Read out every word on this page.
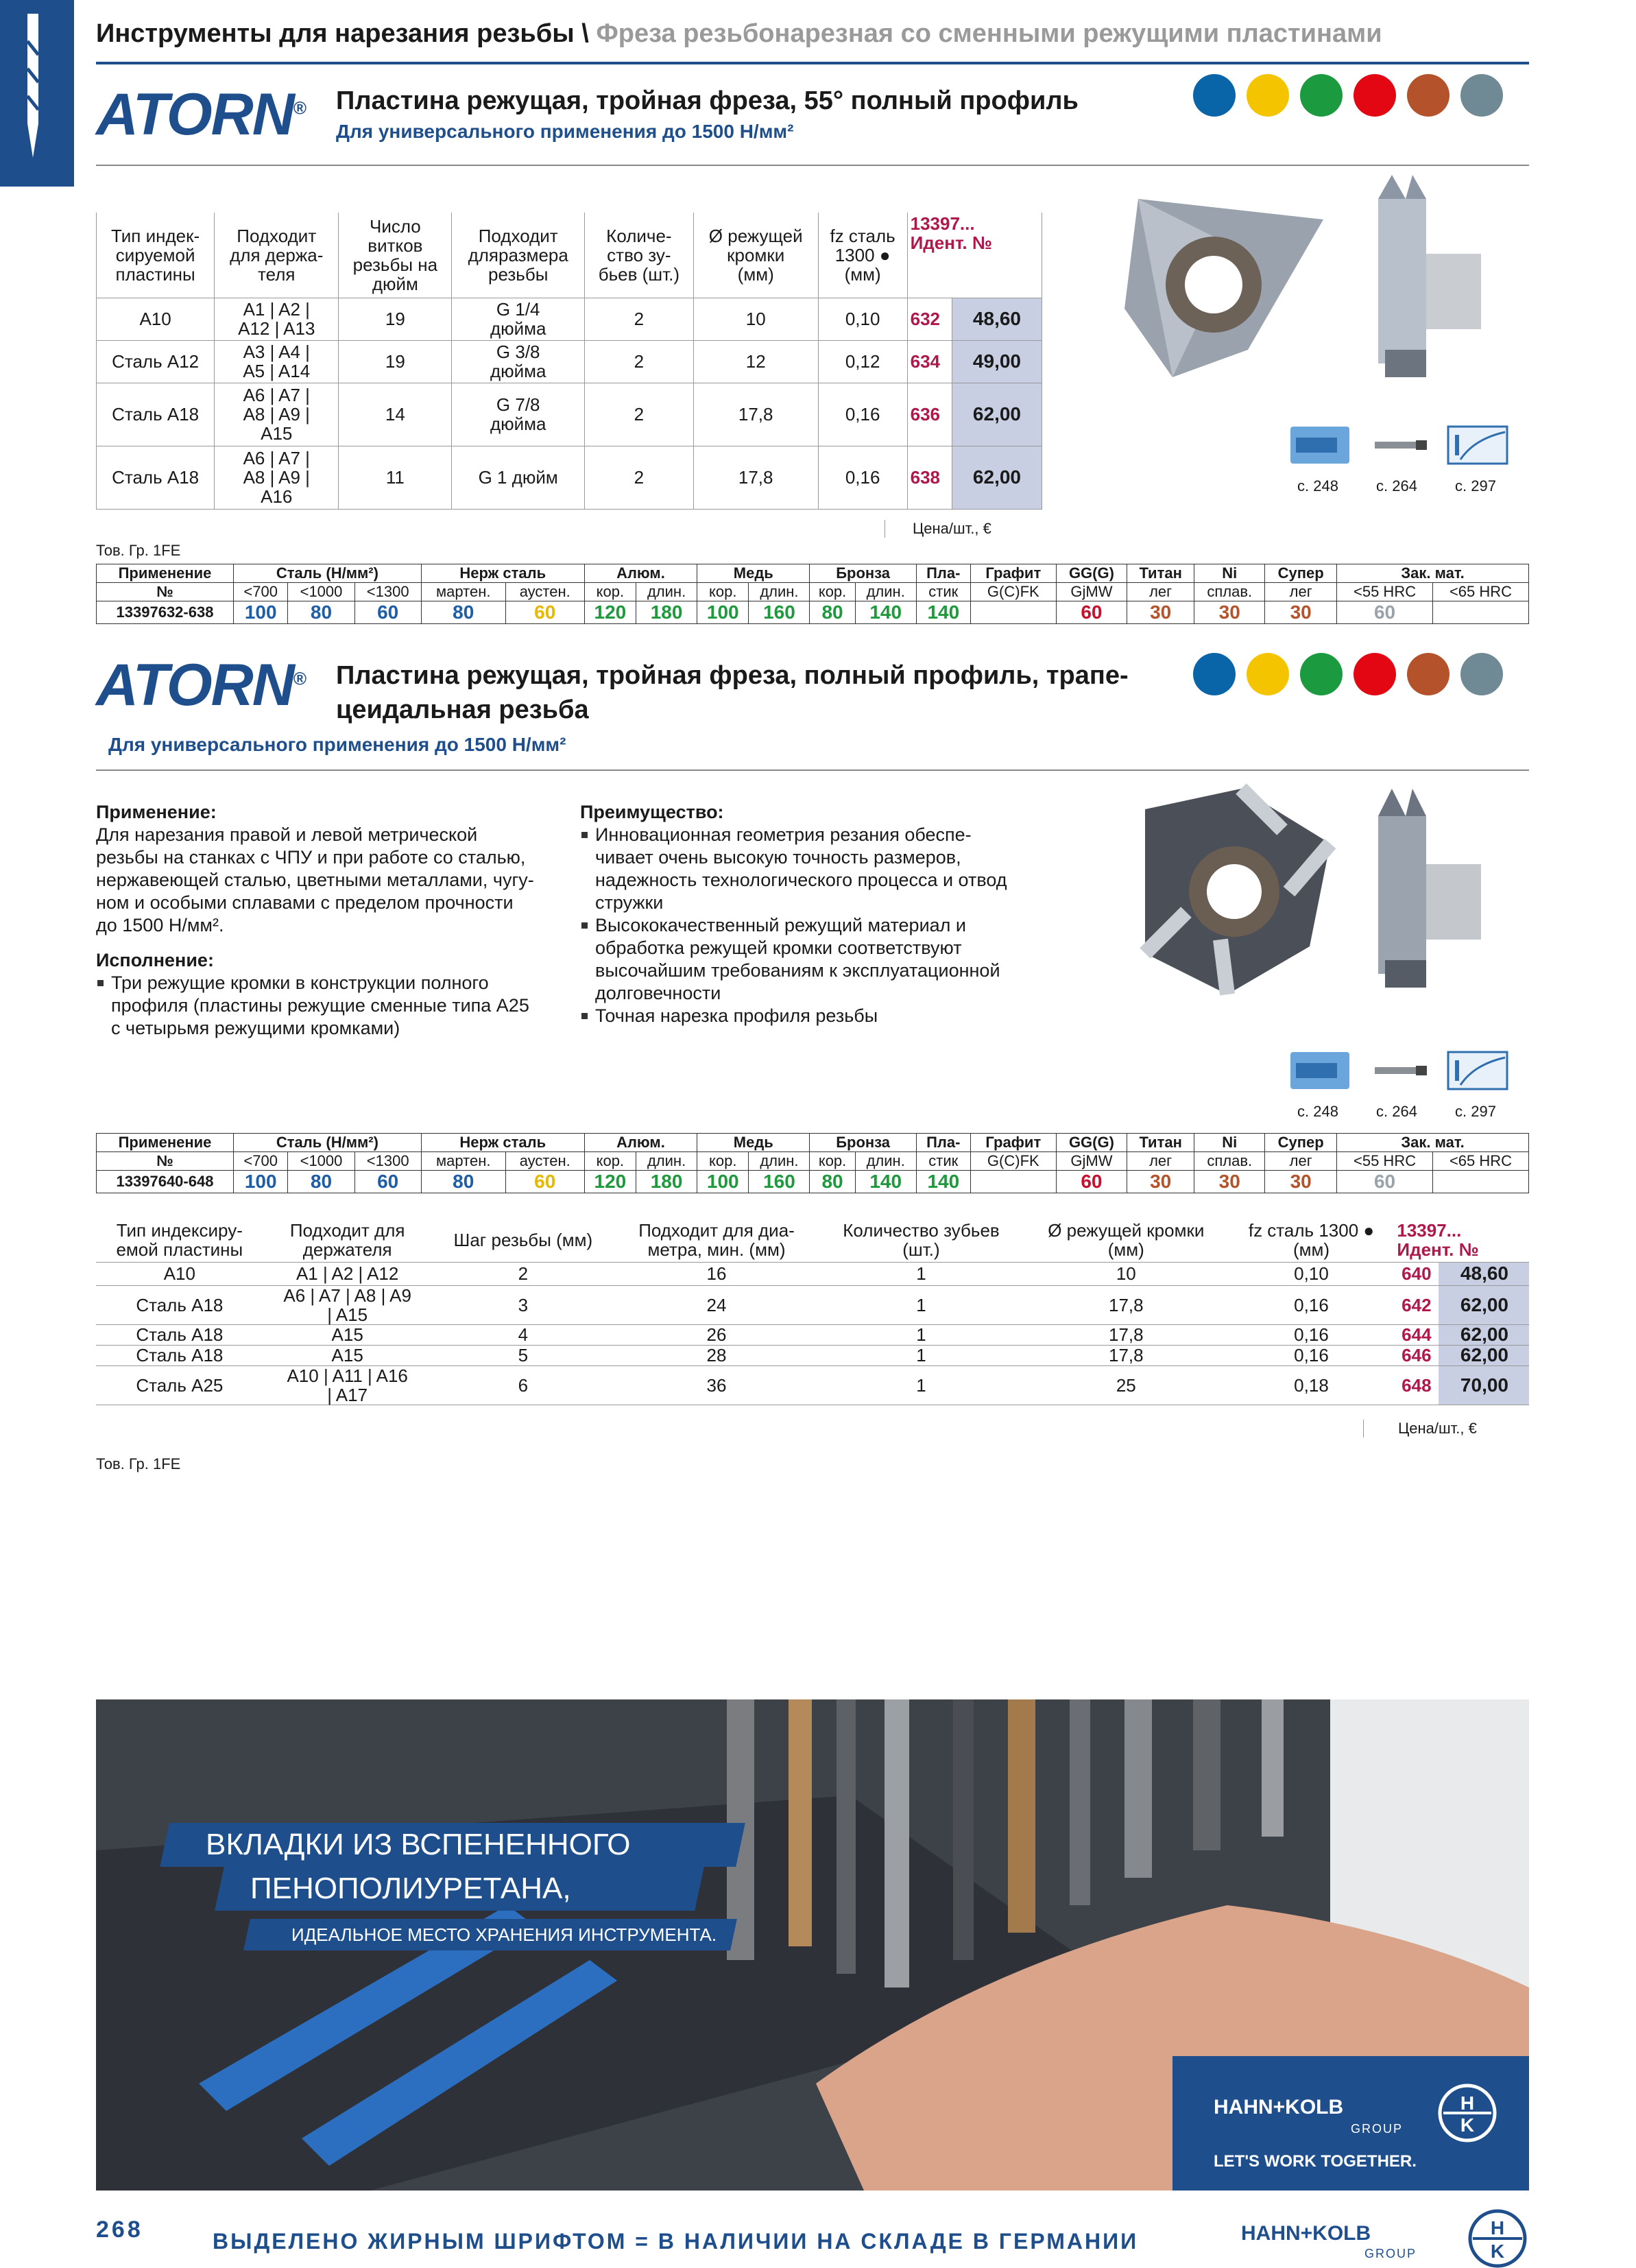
Инструменты для нарезания резьбы \ Фреза резьбонарезная со сменными режущими пластинами
ATORN® Пластина режущая, тройная фреза, 55° полный профиль
Для универсального применения до 1500 Н/мм²
Тип индек-
сируемой
пластины	Подходит
для держа-
теля	Число
витков
резьбы на
дюйм	Подходит
дляразмера
резьбы	Количе-
ство зу-
бьев (шт.)	Ø режущей
кромки
(мм)	fz сталь
1300 ●
(мм)	13397...
Идент. №	
A10	A1 | A2 |
A12 | A13	19	G 1/4
дюйма	2	10	0,10	632	48,60
Сталь A12	A3 | A4 |
A5 | A14	19	G 3/8
дюйма	2	12	0,12	634	49,00
Сталь A18	A6 | A7 |
A8 | A9 |
A15	14	G 7/8
дюйма	2	17,8	0,16	636	62,00
Сталь A18	A6 | A7 |
A8 | A9 |
A16	11	G 1 дюйм	2	17,8	0,16	638	62,00
Цена/шт., €
Тов. Гр. 1FE
с. 248	с. 264	с. 297
Применение	Сталь (Н/мм²)			Нерж сталь		Алюм.		Медь		Бронза		Пла-	Графит	GG(G)	Титан	Ni	Супер	Зак. мат.	
№	<700	<1000	<1300	мартен.	аустен.	кор.	длин.	кор.	длин.	кор.	длин.	стик	G(C)FK	GjMW	лег	сплав.	лег	<55 HRC	<65 HRC
13397632-638	100	80	60	80	60	120	180	100	160	80	140	140		60	30	30	30	60	
ATORN® Пластина режущая, тройная фреза, полный профиль, трапе-
цеидальная резьба
Для универсального применения до 1500 Н/мм²
Применение:
Для нарезания правой и левой метрической
резьбы на станках с ЧПУ и при работе со сталью,
нержавеющей сталью, цветными металлами, чугу-
ном и особыми сплавами с пределом прочности
до 1500 Н/мм².
Исполнение:
Три режущие кромки в конструкции полного
профиля (пластины режущие сменные типа A25
с четырьмя режущими кромками)
Преимущество:
Инновационная геометрия резания обеспе-
чивает очень высокую точность размеров,
надежность технологического процесса и отвод
стружки
Высококачественный режущий материал и
обработка режущей кромки соответствуют
высочайшим требованиям к эксплуатационной
долговечности
Точная нарезка профиля резьбы
с. 248	с. 264	с. 297
Применение	Сталь (Н/мм²)			Нерж сталь		Алюм.		Медь		Бронза		Пла-	Графит	GG(G)	Титан	Ni	Супер	Зак. мат.	
№	<700	<1000	<1300	мартен.	аустен.	кор.	длин.	кор.	длин.	кор.	длин.	стик	G(C)FK	GjMW	лег	сплав.	лег	<55 HRC	<65 HRC
13397640-648	100	80	60	80	60	120	180	100	160	80	140	140		60	30	30	30	60	
Тип индексиру-
емой пластины	Подходит для
держателя	Шаг резьбы (мм)	Подходит для диа-
метра, мин. (мм)	Количество зубьев
(шт.)	Ø режущей кромки
(мм)	fz сталь 1300 ●
(мм)	13397...
Идент. №	
A10	A1 | A2 | A12	2	16	1	10	0,10	640	48,60
Сталь A18	A6 | A7 | A8 | A9
| A15	3	24	1	17,8	0,16	642	62,00
Сталь A18	A15	4	26	1	17,8	0,16	644	62,00
Сталь A18	A15	5	28	1	17,8	0,16	646	62,00
Сталь A25	A10 | A11 | A16
| A17	6	36	1	25	0,18	648	70,00
Цена/шт., €
Тов. Гр. 1FE
ВКЛАДКИ ИЗ ВСПЕНЕННОГО
ПЕНОПОЛИУРЕТАНА,
ИДЕАЛЬНОЕ МЕСТО ХРАНЕНИЯ ИНСТРУМЕНТА.
HAHN+KOLB
GROUP
H
K
LET'S WORK TOGETHER.
268	ВЫДЕЛЕНО ЖИРНЫМ ШРИФТОМ = В НАЛИЧИИ НА СКЛАДЕ В ГЕРМАНИИ	HAHN+KOLB
GROUP
H
K
